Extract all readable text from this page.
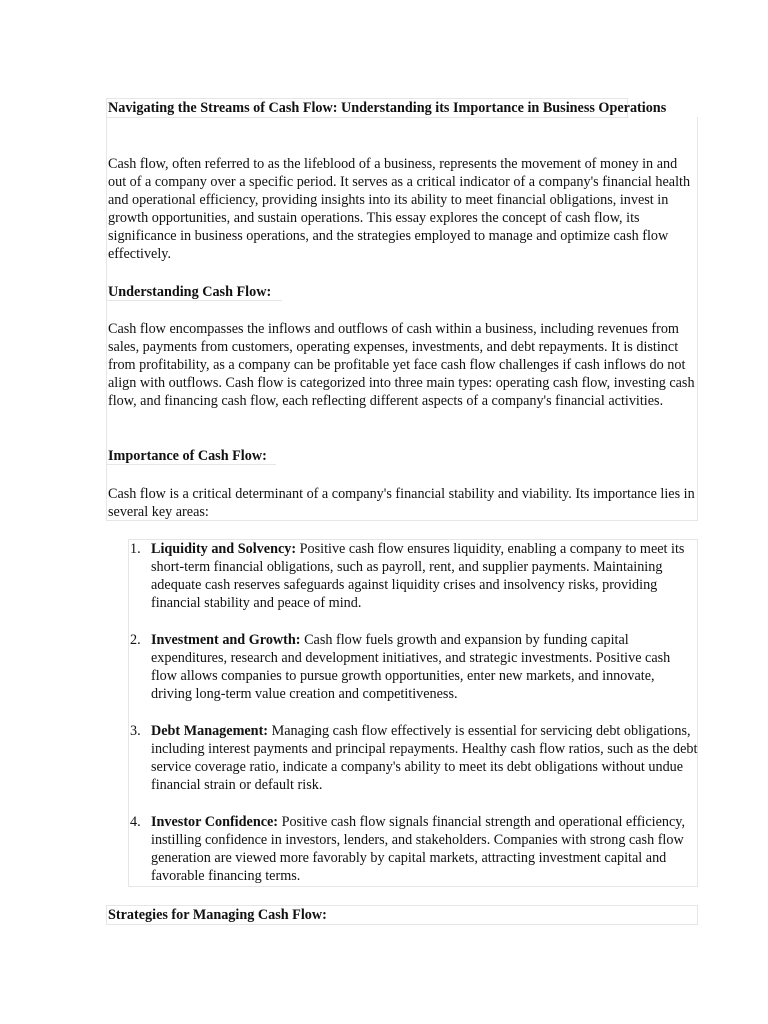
Navigating the Streams of Cash Flow: Understanding its Importance in Business Operations
Cash flow, often referred to as the lifeblood of a business, represents the movement of money in and out of a company over a specific period. It serves as a critical indicator of a company's financial health and operational efficiency, providing insights into its ability to meet financial obligations, invest in growth opportunities, and sustain operations. This essay explores the concept of cash flow, its significance in business operations, and the strategies employed to manage and optimize cash flow effectively.
Understanding Cash Flow:
Cash flow encompasses the inflows and outflows of cash within a business, including revenues from sales, payments from customers, operating expenses, investments, and debt repayments. It is distinct from profitability, as a company can be profitable yet face cash flow challenges if cash inflows do not align with outflows. Cash flow is categorized into three main types: operating cash flow, investing cash flow, and financing cash flow, each reflecting different aspects of a company's financial activities.
Importance of Cash Flow:
Cash flow is a critical determinant of a company's financial stability and viability. Its importance lies in several key areas:
1. Liquidity and Solvency: Positive cash flow ensures liquidity, enabling a company to meet its short-term financial obligations, such as payroll, rent, and supplier payments. Maintaining adequate cash reserves safeguards against liquidity crises and insolvency risks, providing financial stability and peace of mind.
2. Investment and Growth: Cash flow fuels growth and expansion by funding capital expenditures, research and development initiatives, and strategic investments. Positive cash flow allows companies to pursue growth opportunities, enter new markets, and innovate, driving long-term value creation and competitiveness.
3. Debt Management: Managing cash flow effectively is essential for servicing debt obligations, including interest payments and principal repayments. Healthy cash flow ratios, such as the debt service coverage ratio, indicate a company's ability to meet its debt obligations without undue financial strain or default risk.
4. Investor Confidence: Positive cash flow signals financial strength and operational efficiency, instilling confidence in investors, lenders, and stakeholders. Companies with strong cash flow generation are viewed more favorably by capital markets, attracting investment capital and favorable financing terms.
Strategies for Managing Cash Flow:
